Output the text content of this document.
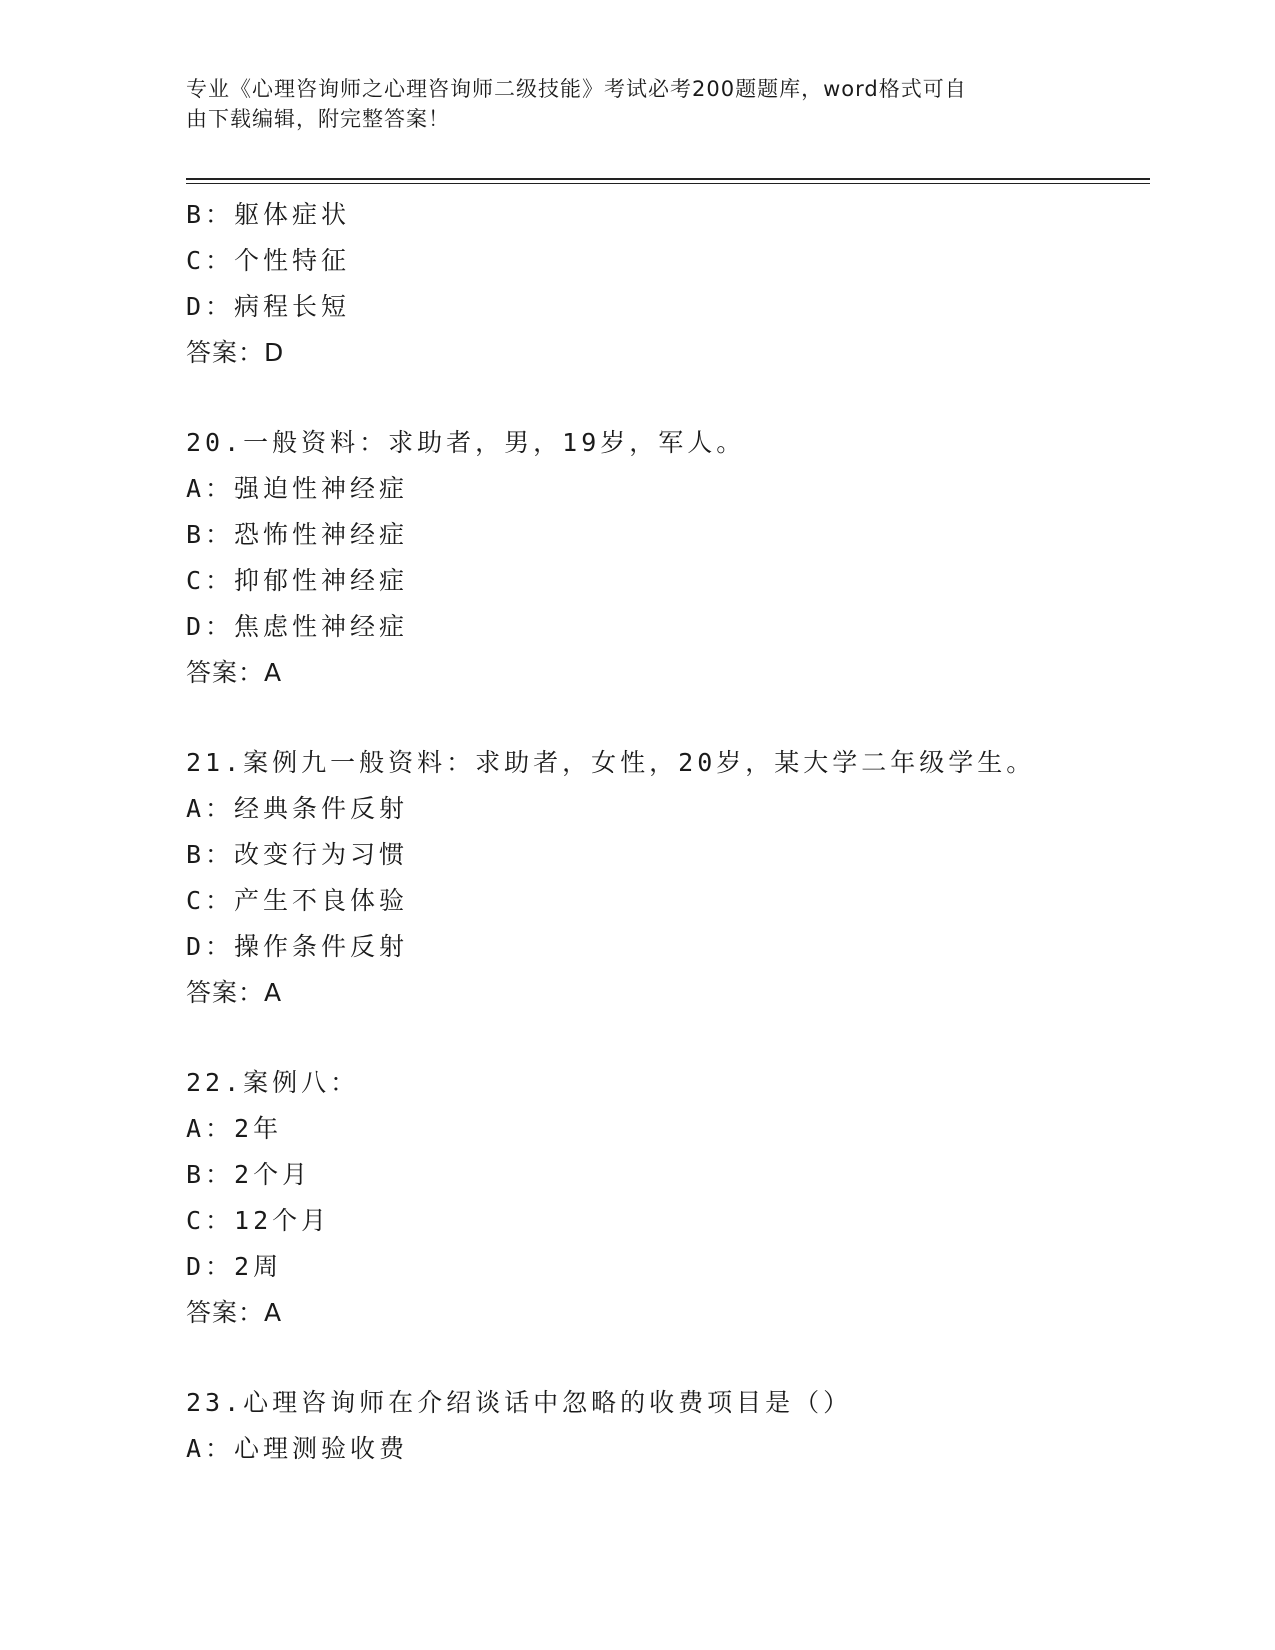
专业《心理咨询师之心理咨询师二级技能》考试必考200题题库，word格式可自

由下载编辑，附完整答案！

B：躯体症状
C：个性特征
D：病程长短
答案：D
20.一般资料：求助者，男，19岁，军人。
A：强迫性神经症
B：恐怖性神经症
C：抑郁性神经症
D：焦虑性神经症
答案：A
21.案例九一般资料：求助者，女性，20岁，某大学二年级学生。
A：经典条件反射
B：改变行为习惯
C：产生不良体验
D：操作条件反射
答案：A
22.案例八：
A：2年
B：2个月
C：12个月
D：2周
答案：A
23.心理咨询师在介绍谈话中忽略的收费项目是（）
A：心理测验收费
